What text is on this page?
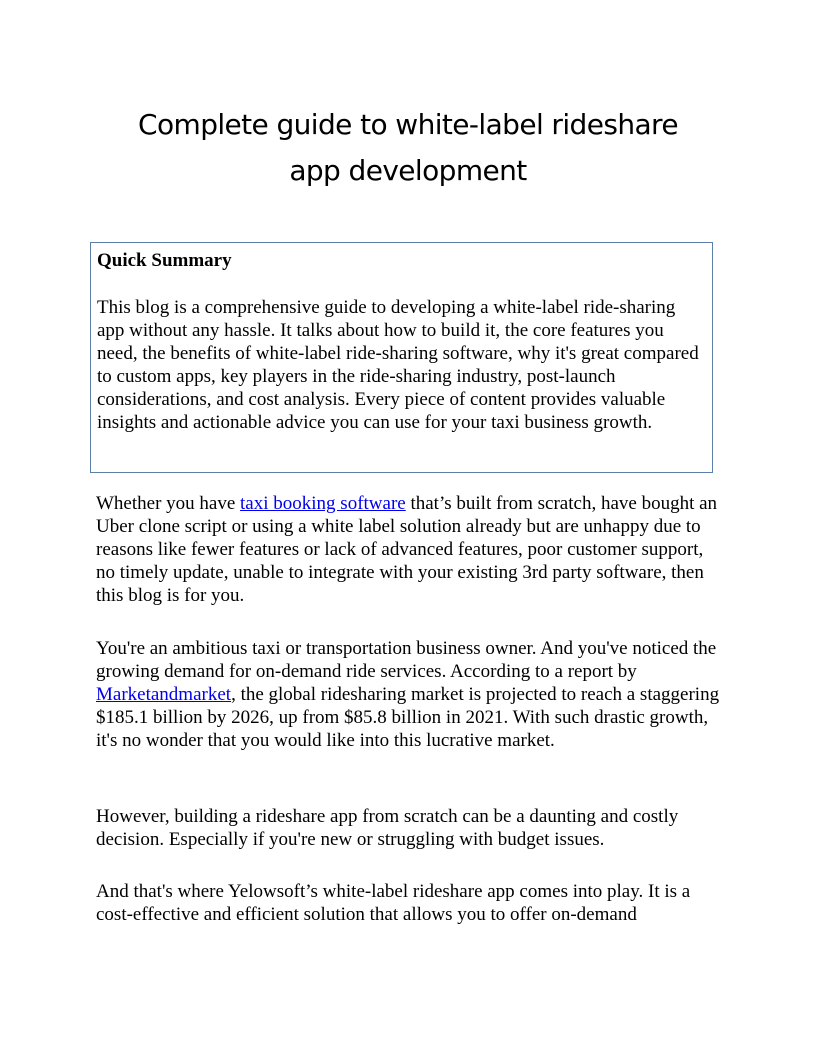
Complete guide to white-label rideshare
app development

Quick Summary

This blog is a comprehensive guide to developing a white-label ride-sharing app without any hassle. It talks about how to build it, the core features you need, the benefits of white-label ride-sharing software, why it's great compared to custom apps, key players in the ride-sharing industry, post-launch considerations, and cost analysis. Every piece of content provides valuable insights and actionable advice you can use for your taxi business growth.

Whether you have taxi booking software that’s built from scratch, have bought an Uber clone script or using a white label solution already but are unhappy due to reasons like fewer features or lack of advanced features, poor customer support, no timely update, unable to integrate with your existing 3rd party software, then this blog is for you.

You're an ambitious taxi or transportation business owner. And you've noticed the growing demand for on-demand ride services. According to a report by Marketandmarket, the global ridesharing market is projected to reach a staggering $185.1 billion by 2026, up from $85.8 billion in 2021. With such drastic growth, it's no wonder that you would like into this lucrative market.

However, building a rideshare app from scratch can be a daunting and costly decision. Especially if you're new or struggling with budget issues.

And that's where Yelowsoft’s white-label rideshare app comes into play. It is a cost-effective and efficient solution that allows you to offer on-demand
